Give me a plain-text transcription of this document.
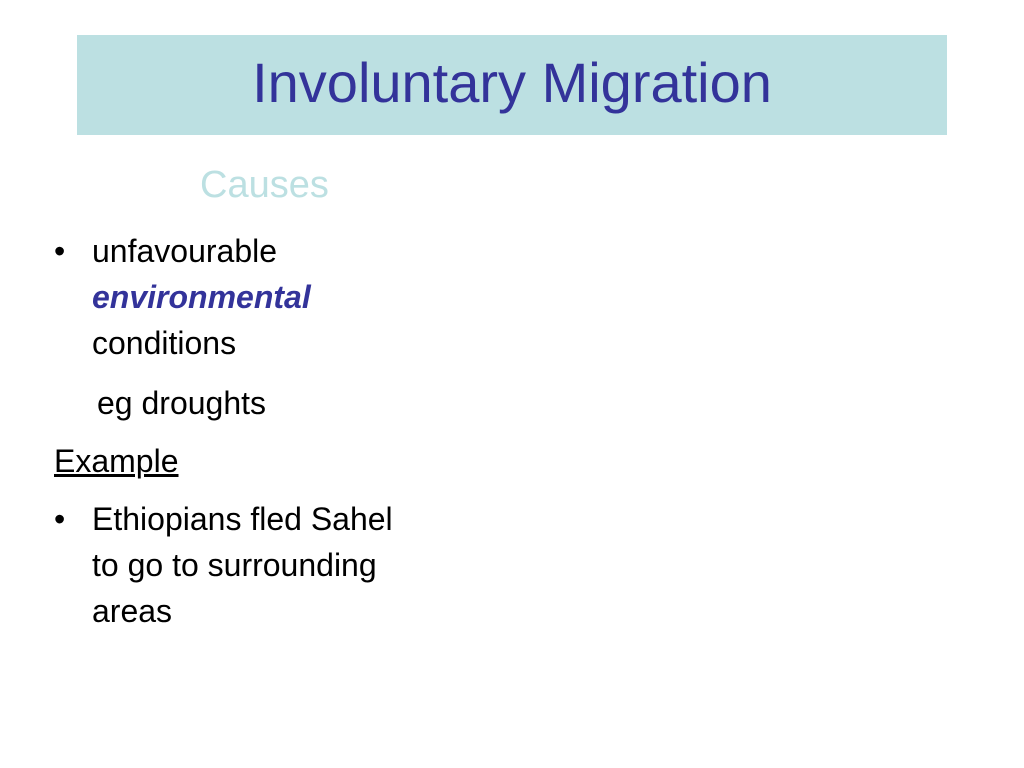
Involuntary Migration
Causes
• unfavourable
environmental
conditions
eg droughts
Example
• Ethiopians fled Sahel
to go to surrounding
areas
